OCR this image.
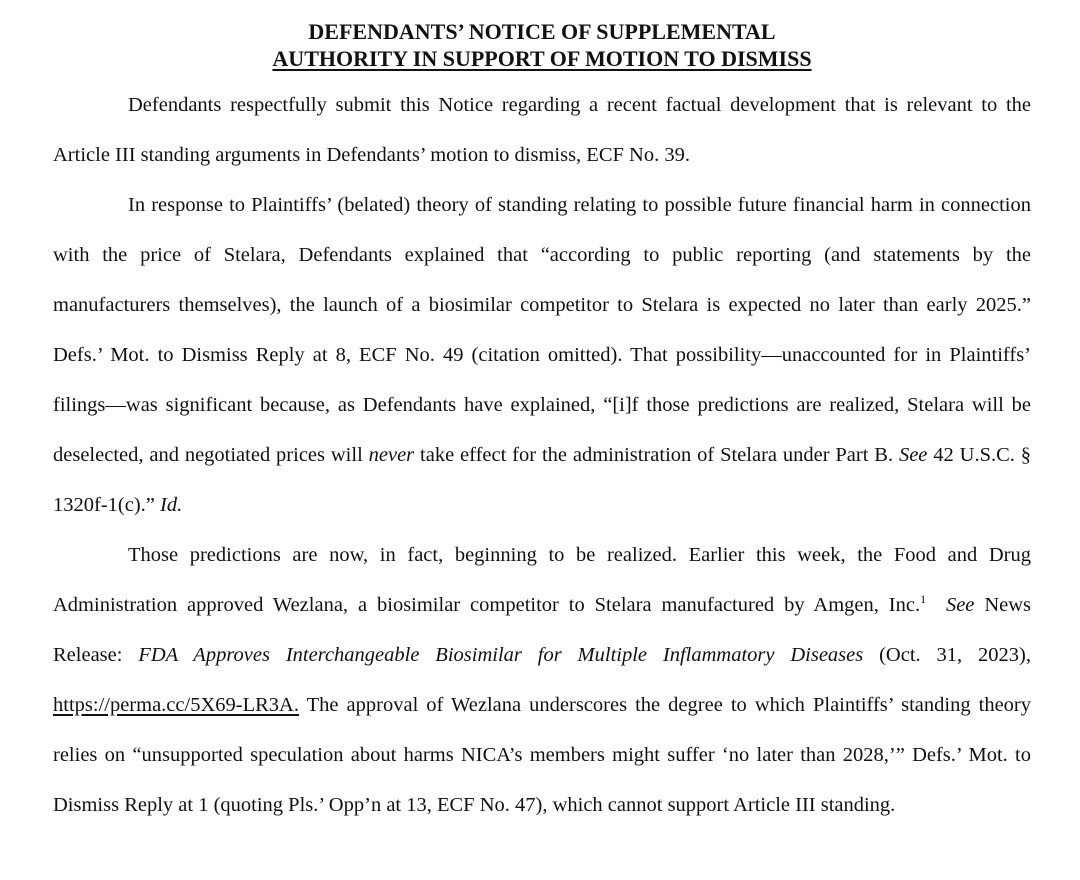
DEFENDANTS’ NOTICE OF SUPPLEMENTAL
AUTHORITY IN SUPPORT OF MOTION TO DISMISS

Defendants respectfully submit this Notice regarding a recent factual development that is relevant to the Article III standing arguments in Defendants’ motion to dismiss, ECF No. 39.

In response to Plaintiffs’ (belated) theory of standing relating to possible future financial harm in connection with the price of Stelara, Defendants explained that “according to public reporting (and statements by the manufacturers themselves), the launch of a biosimilar competitor to Stelara is expected no later than early 2025.” Defs.’ Mot. to Dismiss Reply at 8, ECF No. 49 (citation omitted). That possibility—unaccounted for in Plaintiffs’ filings—was significant because, as Defendants have explained, “[i]f those predictions are realized, Stelara will be deselected, and negotiated prices will never take effect for the administration of Stelara under Part B. See 42 U.S.C. § 1320f-1(c).” Id.

Those predictions are now, in fact, beginning to be realized. Earlier this week, the Food and Drug Administration approved Wezlana, a biosimilar competitor to Stelara manufactured by Amgen, Inc.$^1$ See News Release: FDA Approves Interchangeable Biosimilar for Multiple Inflammatory Diseases (Oct. 31, 2023), https://perma.cc/5X69-LR3A. The approval of Wezlana underscores the degree to which Plaintiffs’ standing theory relies on “unsupported speculation about harms NICA’s members might suffer ‘no later than 2028,’” Defs.’ Mot. to Dismiss Reply at 1 (quoting Pls.’ Opp’n at 13, ECF No. 47), which cannot support Article III standing.
